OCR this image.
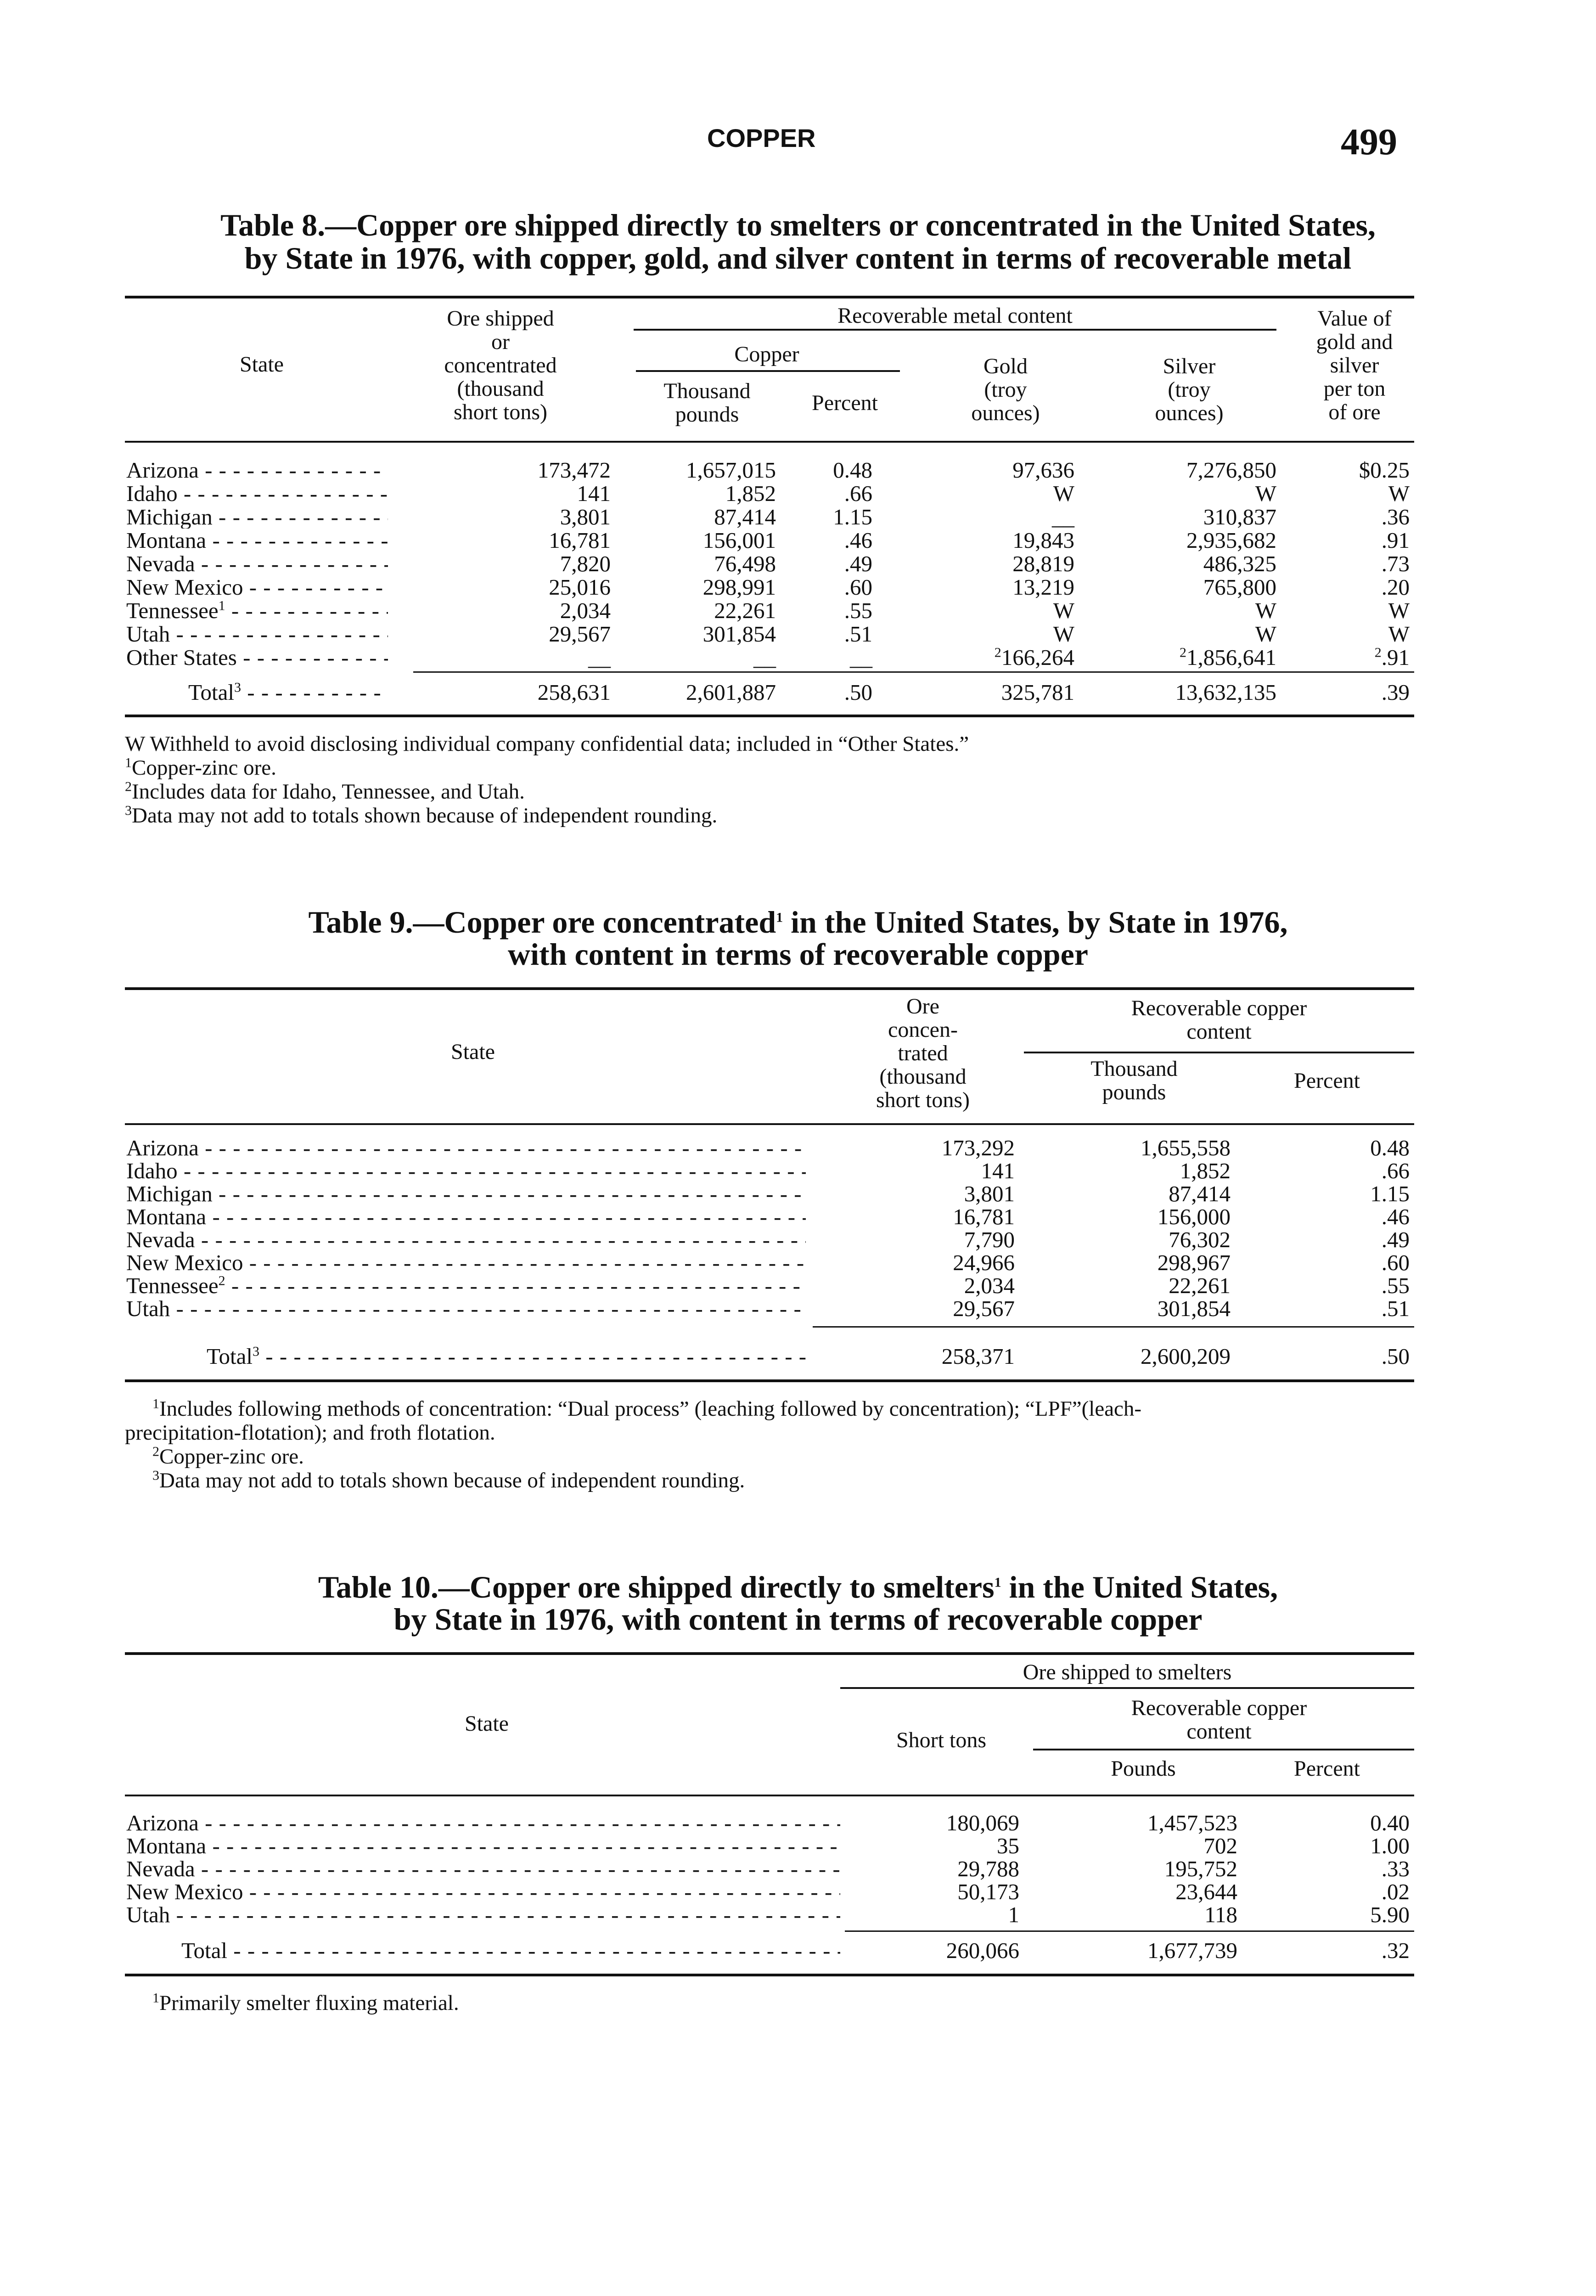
COPPER	499
Table 8.—Copper ore shipped directly to smelters or concentrated in the United States,
by State in 1976, with copper, gold, and silver content in terms of recoverable metal
State
Ore shipped
or
concentrated
(thousand
short tons)
Recoverable metal content
Copper
Thousand
pounds	Percent
Gold
(troy
ounces)
Silver
(troy
ounces)
Value of
gold and
silver
per ton
of ore
Arizona - - -	173,472	1,657,015	0.48	97,636	7,276,850	$0.25
Idaho - - -	141	1,852	.66	W	W	W
Michigan - - -	3,801	87,414	1.15	__	310,837	.36
Montana - - -	16,781	156,001	.46	19,843	2,935,682	.91
Nevada - - -	7,820	76,498	.49	28,819	486,325	.73
New Mexico - - -	25,016	298,991	.60	13,219	765,800	.20
Tennessee$^1$ - - -	2,034	22,261	.55	W	W	W
Utah - - -	29,567	301,854	.51	W	W	W
Other States - - -	__	__	__	$^2$166,264	$^2$1,856,641	$^2$.91
Total$^3$ - - -	258,631	2,601,887	.50	325,781	13,632,135	.39
W Withheld to avoid disclosing individual company confidential data; included in “Other States.”
$^1$Copper-zinc ore.
$^2$Includes data for Idaho, Tennessee, and Utah.
$^3$Data may not add to totals shown because of independent rounding.
Table 9.—Copper ore concentrated$^1$ in the United States, by State in 1976,
with content in terms of recoverable copper
State
Ore
concen-
trated
(thousand
short tons)
Recoverable copper
content
Thousand
pounds	Percent
Arizona - - -	173,292	1,655,558	0.48
Idaho - - -	141	1,852	.66
Michigan - - -	3,801	87,414	1.15
Montana - - -	16,781	156,000	.46
Nevada - - -	7,790	76,302	.49
New Mexico - - -	24,966	298,967	.60
Tennessee$^2$ - - -	2,034	22,261	.55
Utah - - -	29,567	301,854	.51
Total$^3$ - - -	258,371	2,600,209	.50
$^1$Includes following methods of concentration: “Dual process” (leaching followed by concentration); “LPF”(leach-
precipitation-flotation); and froth flotation.
$^2$Copper-zinc ore.
$^3$Data may not add to totals shown because of independent rounding.
Table 10.—Copper ore shipped directly to smelters$^1$ in the United States,
by State in 1976, with content in terms of recoverable copper
State
Ore shipped to smelters
Short tons
Recoverable copper
content
Pounds	Percent
Arizona - - -	180,069	1,457,523	0.40
Montana - - -	35	702	1.00
Nevada - - -	29,788	195,752	.33
New Mexico - - -	50,173	23,644	.02
Utah - - -	1	118	5.90
Total - - -	260,066	1,677,739	.32
$^1$Primarily smelter fluxing material.
